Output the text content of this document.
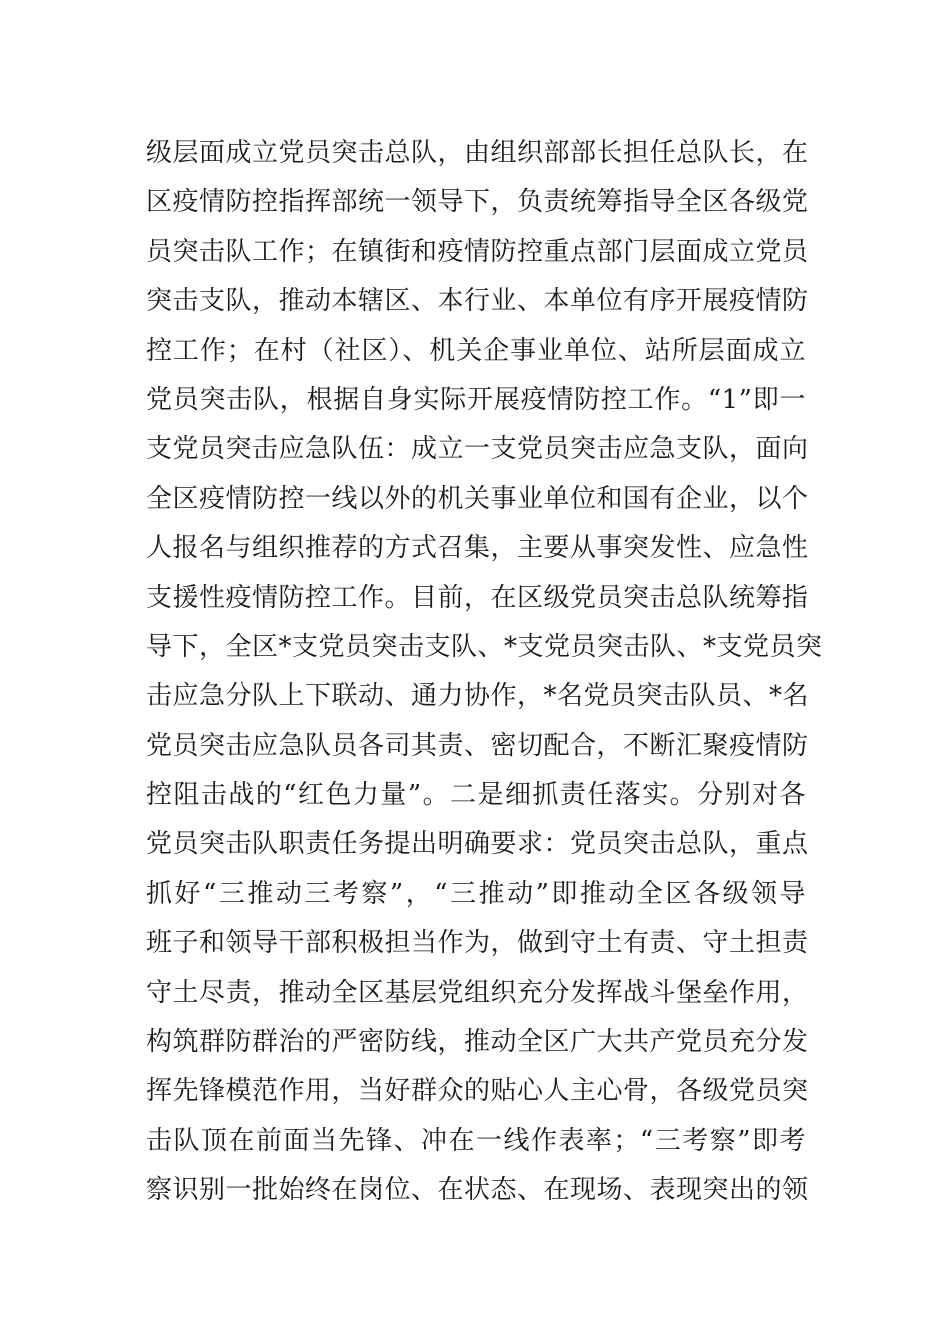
级层面成立党员突击总队，由组织部部长担任总队长，在
区疫情防控指挥部统一领导下，负责统筹指导全区各级党
员突击队工作；在镇街和疫情防控重点部门层面成立党员
突击支队，推动本辖区、本行业、本单位有序开展疫情防
控工作；在村（社区）、机关企事业单位、站所层面成立
党员突击队，根据自身实际开展疫情防控工作。“1”即一
支党员突击应急队伍：成立一支党员突击应急支队，面向
全区疫情防控一线以外的机关事业单位和国有企业，以个
人报名与组织推荐的方式召集，主要从事突发性、应急性
支援性疫情防控工作。目前，在区级党员突击总队统筹指
导下，全区*支党员突击支队、*支党员突击队、*支党员突
击应急分队上下联动、通力协作，*名党员突击队员、*名
党员突击应急队员各司其责、密切配合，不断汇聚疫情防
控阻击战的“红色力量”。二是细抓责任落实。分别对各
党员突击队职责任务提出明确要求：党员突击总队，重点
抓好“三推动三考察”，“三推动”即推动全区各级领导
班子和领导干部积极担当作为，做到守土有责、守土担责
守土尽责，推动全区基层党组织充分发挥战斗堡垒作用，
构筑群防群治的严密防线，推动全区广大共产党员充分发
挥先锋模范作用，当好群众的贴心人主心骨，各级党员突
击队顶在前面当先锋、冲在一线作表率；“三考察”即考
察识别一批始终在岗位、在状态、在现场、表现突出的领
